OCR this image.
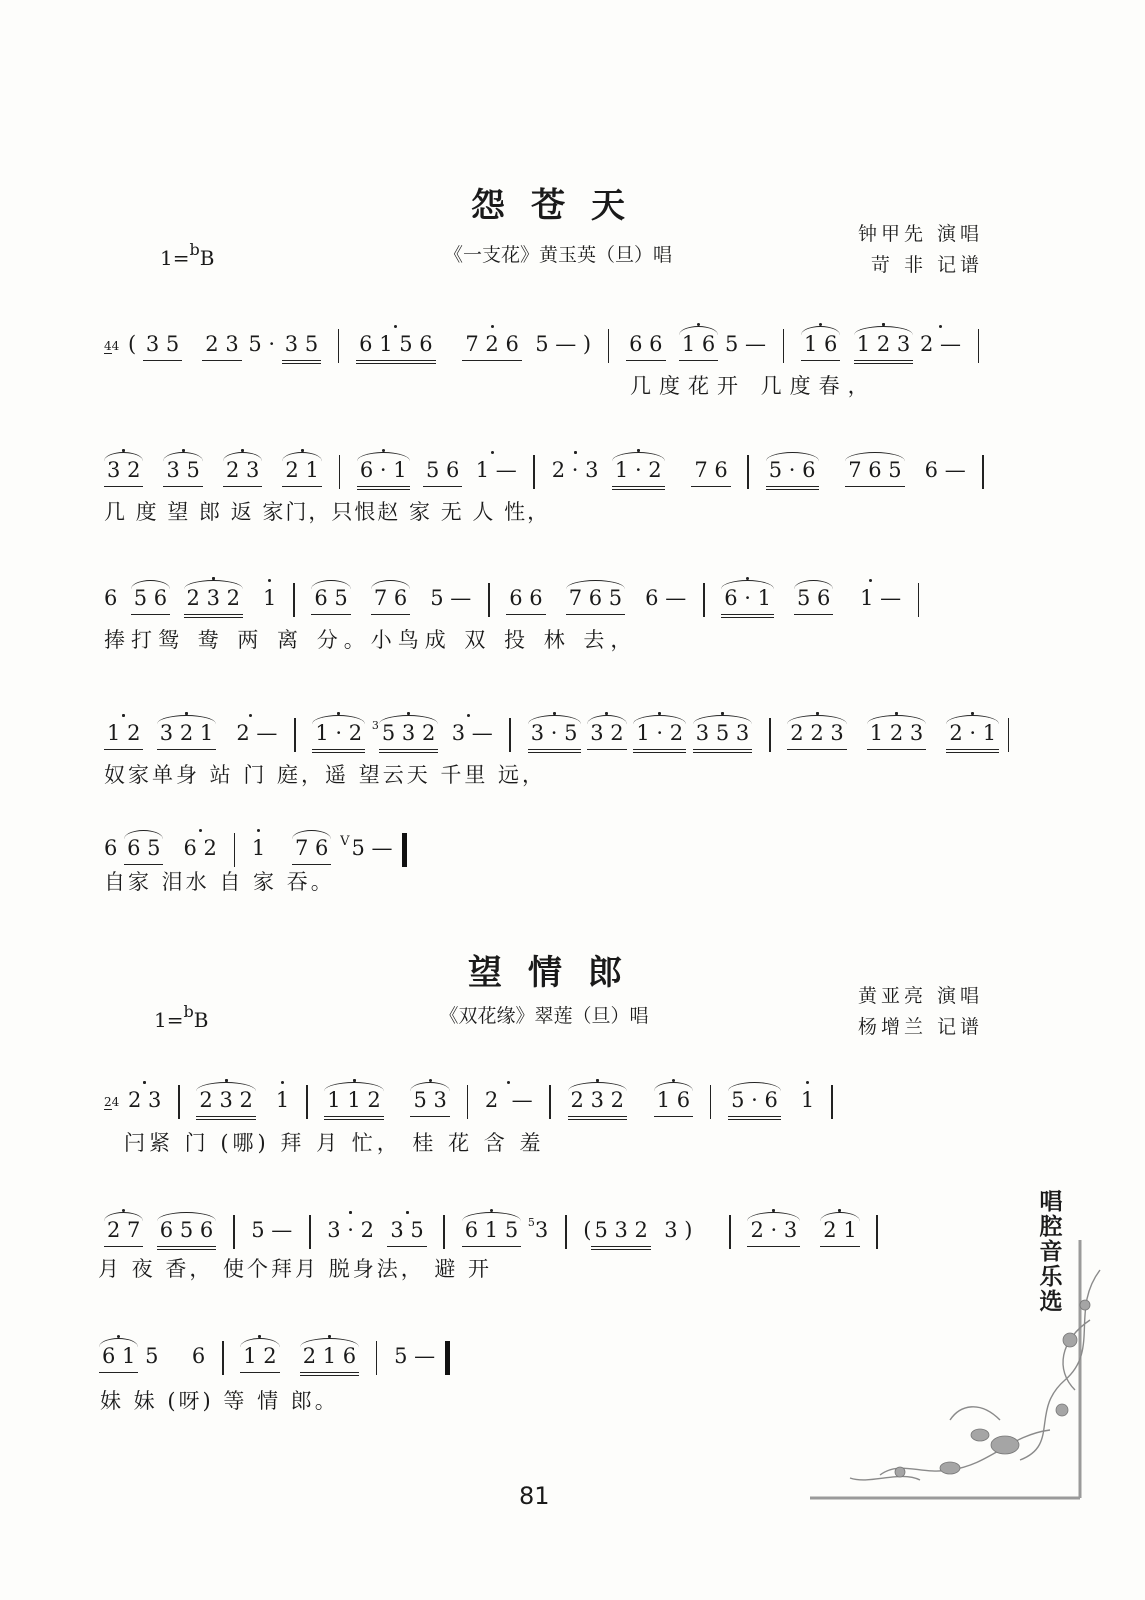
怨苍天
1=$^b$B	《一支花》黄玉英（旦）唱
钟甲先 演唱
苛 非 记谱
44 ( 3 5 2 3 5 · 3 5 6 1 5 6 7 2 6  5 — ) 6 6 1 6 5 — 1 6 1 2 3 2 —
几度花开 几度春，
3 2 3 5 2 3 2 1 6 · 1 5 6 1 — 2 · 3 1 · 2 7 6 5 · 6 7 6 5   6 —
几 度 望 郎 返 家门，只恨赵 家 无 人 性，
6 5 6 2 3 2 1 6 5 7 6   5 — 6 6 7 6 5   6 — 6 · 1 5 6 1 —
捧打鸳 鸯 两 离 分。小鸟成 双 投 林 去，
1 2 3 2 1 2 — 1 · 2 3 5 3 2 3 — 3 · 5 3 2 1 · 2 3 5 3 2 2 3 1 2 3 2 · 1
奴家单身 站 门 庭，遥 望云天 千里 远，
6 6 5 6 2 1 7 6 V5 —
自家 泪水 自 家 吞。
望情郎
1=$^b$B	《双花缘》翠莲（旦）唱
黄亚亮 演唱
杨增兰 记谱
24 2 3 2 3 2 1 1 1 2 5 3 2  — 2 3 2 1 6 5 · 6 1
闩紧 门 (哪) 拜 月 忙， 桂 花 含 羞
2 7 6 5 6 5 — 3 · 2 3 5 6 1 5 53 ( 5 3 2  3 )	2 · 3 2 1
月 夜 香， 使个拜月 脱身法， 避 开
6 1 5 6 1 2 2 1 6 5 —
妹 妹 (呀) 等 情 郎。
81
唱腔音乐选
